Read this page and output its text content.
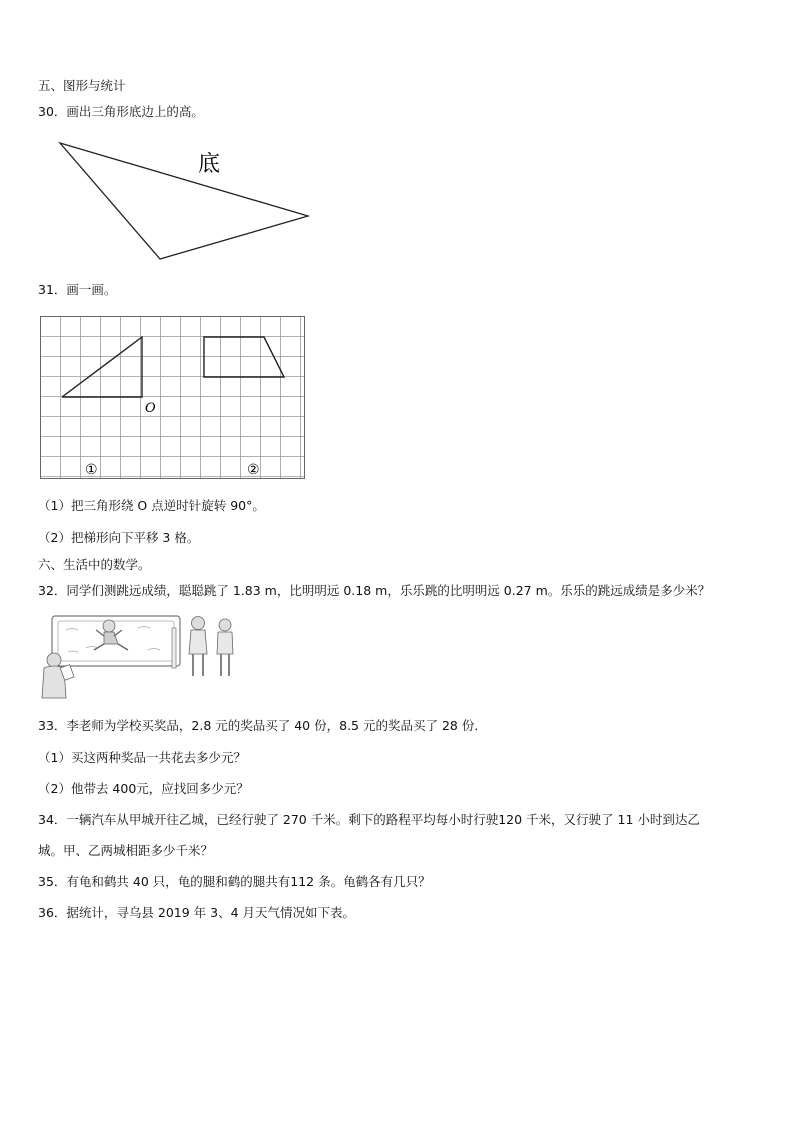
五、图形与统计
30．画出三角形底边上的高。
底
31．画一画。
O
①	②
（1）把三角形绕 O 点逆时针旋转 90°。
（2）把梯形向下平移 3 格。
六、生活中的数学。
32．同学们测跳远成绩，聪聪跳了 1.83 m，比明明远 0.18 m，乐乐跳的比明明远 0.27 m。乐乐的跳远成绩是多少米？
33．李老师为学校买奖品，2.8 元的奖品买了 40 份，8.5 元的奖品买了 28 份．
（1）买这两种奖品一共花去多少元？
（2）他带去 400元，应找回多少元？
34．一辆汽车从甲城开往乙城，已经行驶了 270 千米。剩下的路程平均每小时行驶120 千米，又行驶了 11 小时到达乙
城。甲、乙两城相距多少千米？
35．有龟和鹤共 40 只，龟的腿和鹤的腿共有112 条。龟鹤各有几只？
36．据统计，寻乌县 2019 年 3、4 月天气情况如下表。
